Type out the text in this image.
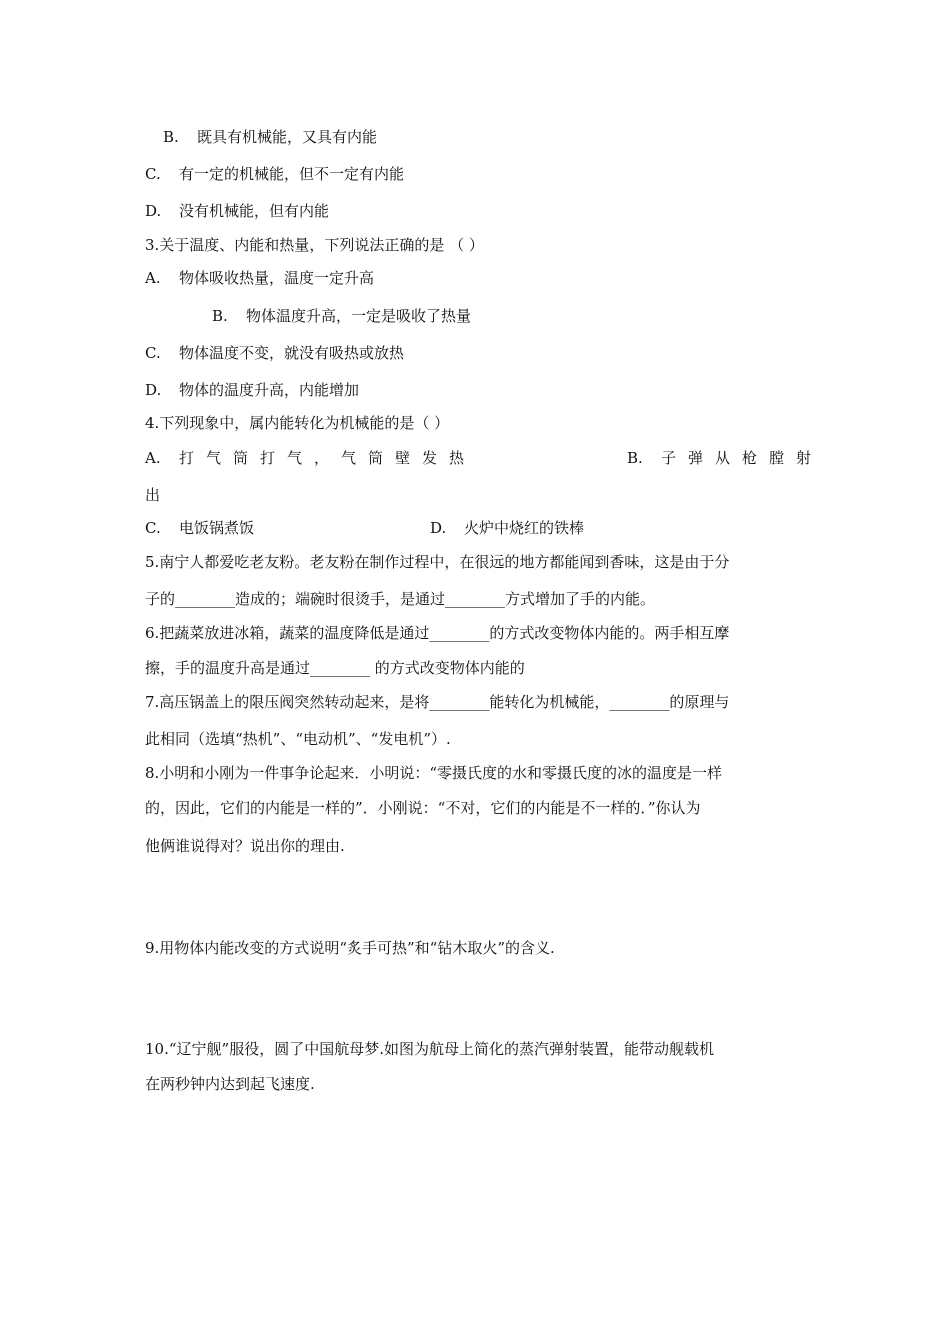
B. 既具有机械能，又具有内能
C. 有一定的机械能，但不一定有内能
D. 没有机械能，但有内能
3.关于温度、内能和热量，下列说法正确的是 （ ）
A. 物体吸收热量，温度一定升高
B. 物体温度升高，一定是吸收了热量
C. 物体温度不变，就没有吸热或放热
D. 物体的温度升高，内能增加
4.下列现象中，属内能转化为机械能的是（ ）
A. 打气筒打气，气筒壁发热	B. 子弹从枪膛射
出
C. 电饭锅煮饭	D. 火炉中烧红的铁棒
5.南宁人都爱吃老友粉。老友粉在制作过程中，在很远的地方都能闻到香味，这是由于分
子的________造成的；端碗时很烫手，是通过________方式增加了手的内能。
6.把蔬菜放进冰箱，蔬菜的温度降低是通过________的方式改变物体内能的。两手相互摩
擦，手的温度升高是通过________ 的方式改变物体内能的
7.高压锅盖上的限压阀突然转动起来，是将________能转化为机械能，________的原理与
此相同（选填“热机”、“电动机”、“发电机”）.
8.小明和小刚为一件事争论起来．小明说：“零摄氏度的水和零摄氏度的冰的温度是一样
的，因此，它们的内能是一样的”．小刚说：“不对，它们的内能是不一样的．”你认为
他俩谁说得对？说出你的理由.
9.用物体内能改变的方式说明“炙手可热”和“钻木取火”的含义.
10.“辽宁舰”服役，圆了中国航母梦.如图为航母上简化的蒸汽弹射装置，能带动舰载机
在两秒钟内达到起飞速度.
